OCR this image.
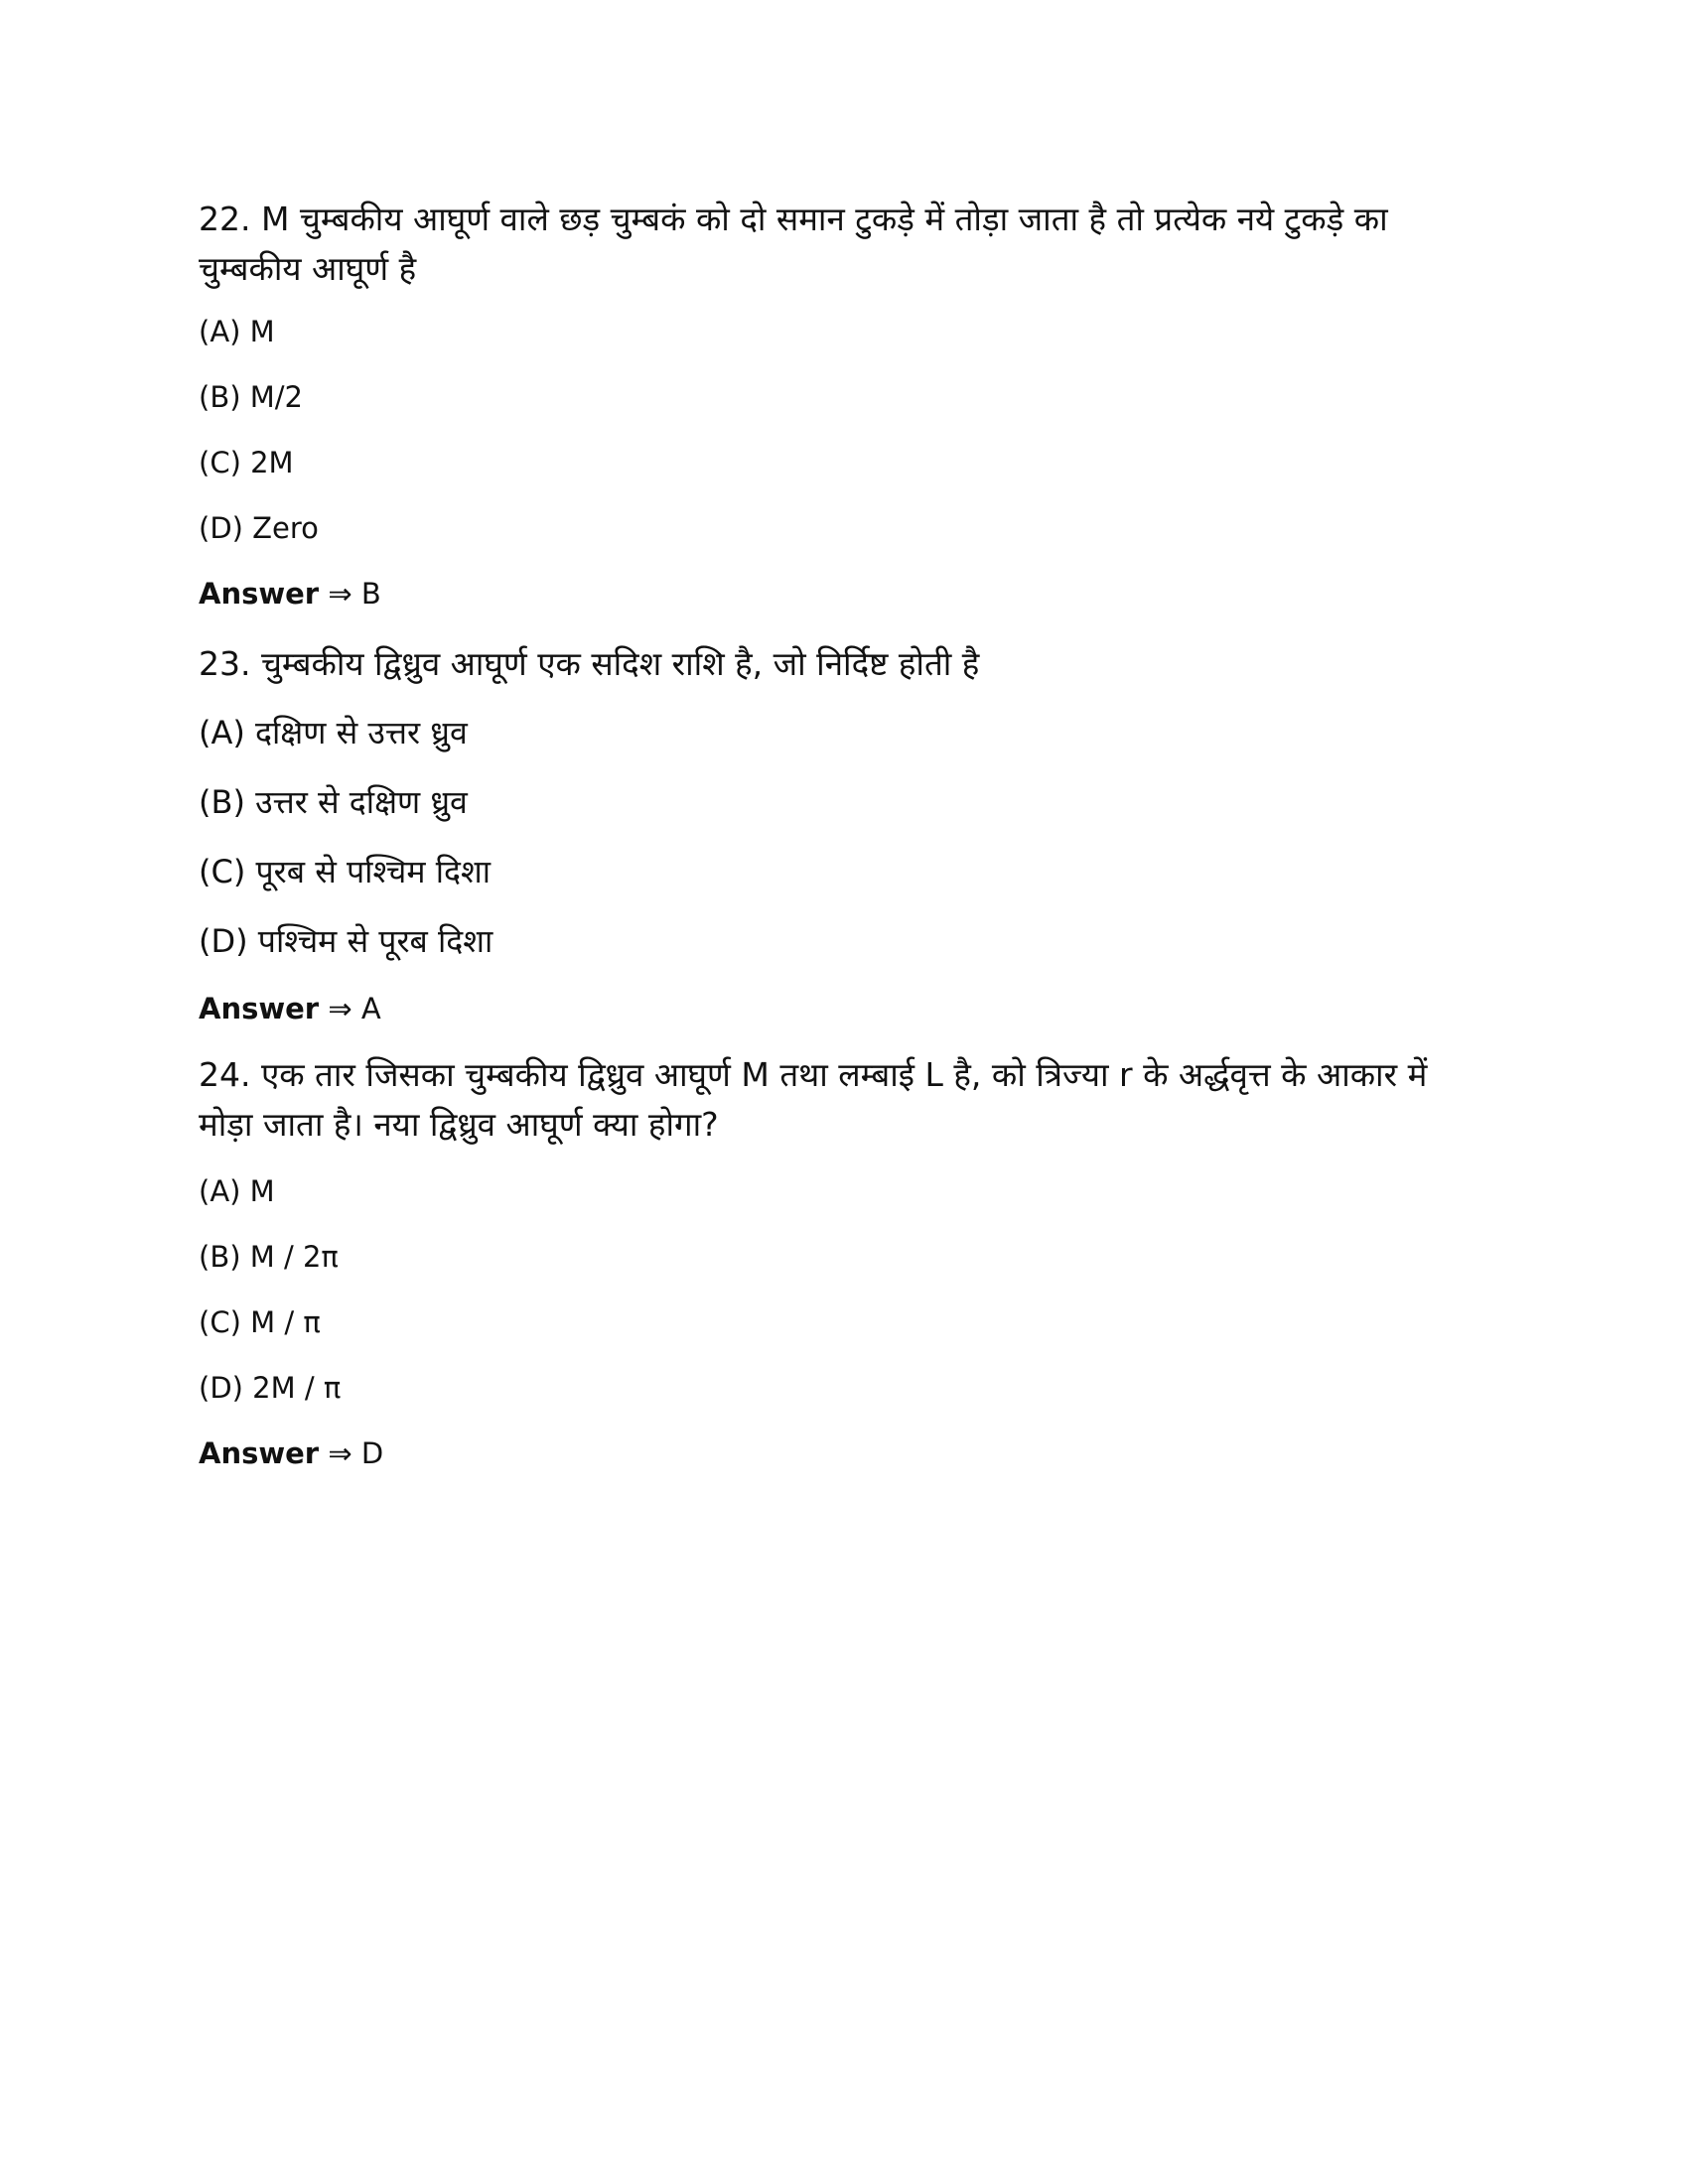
22. M चुम्बकीय आघूर्ण वाले छड़ चुम्बकं को दो समान टुकड़े में तोड़ा जाता है तो प्रत्येक नये टुकड़े का चुम्बकीय आघूर्ण है

(A) M

(B) M/2

(C) 2M

(D) Zero

Answer ⇒ B

23. चुम्बकीय द्विध्रुव आघूर्ण एक सदिश राशि है, जो निर्दिष्ट होती है

(A) दक्षिण से उत्तर ध्रुव

(B) उत्तर से दक्षिण ध्रुव

(C) पूरब से पश्चिम दिशा

(D) पश्चिम से पूरब दिशा

Answer ⇒ A

24. एक तार जिसका चुम्बकीय द्विध्रुव आघूर्ण M तथा लम्बाई L है, को त्रिज्या r के अर्द्धवृत्त के आकार में मोड़ा जाता है। नया द्विध्रुव आघूर्ण क्या होगा?

(A) M

(B) M / 2π

(C) M / π

(D) 2M / π

Answer ⇒ D
